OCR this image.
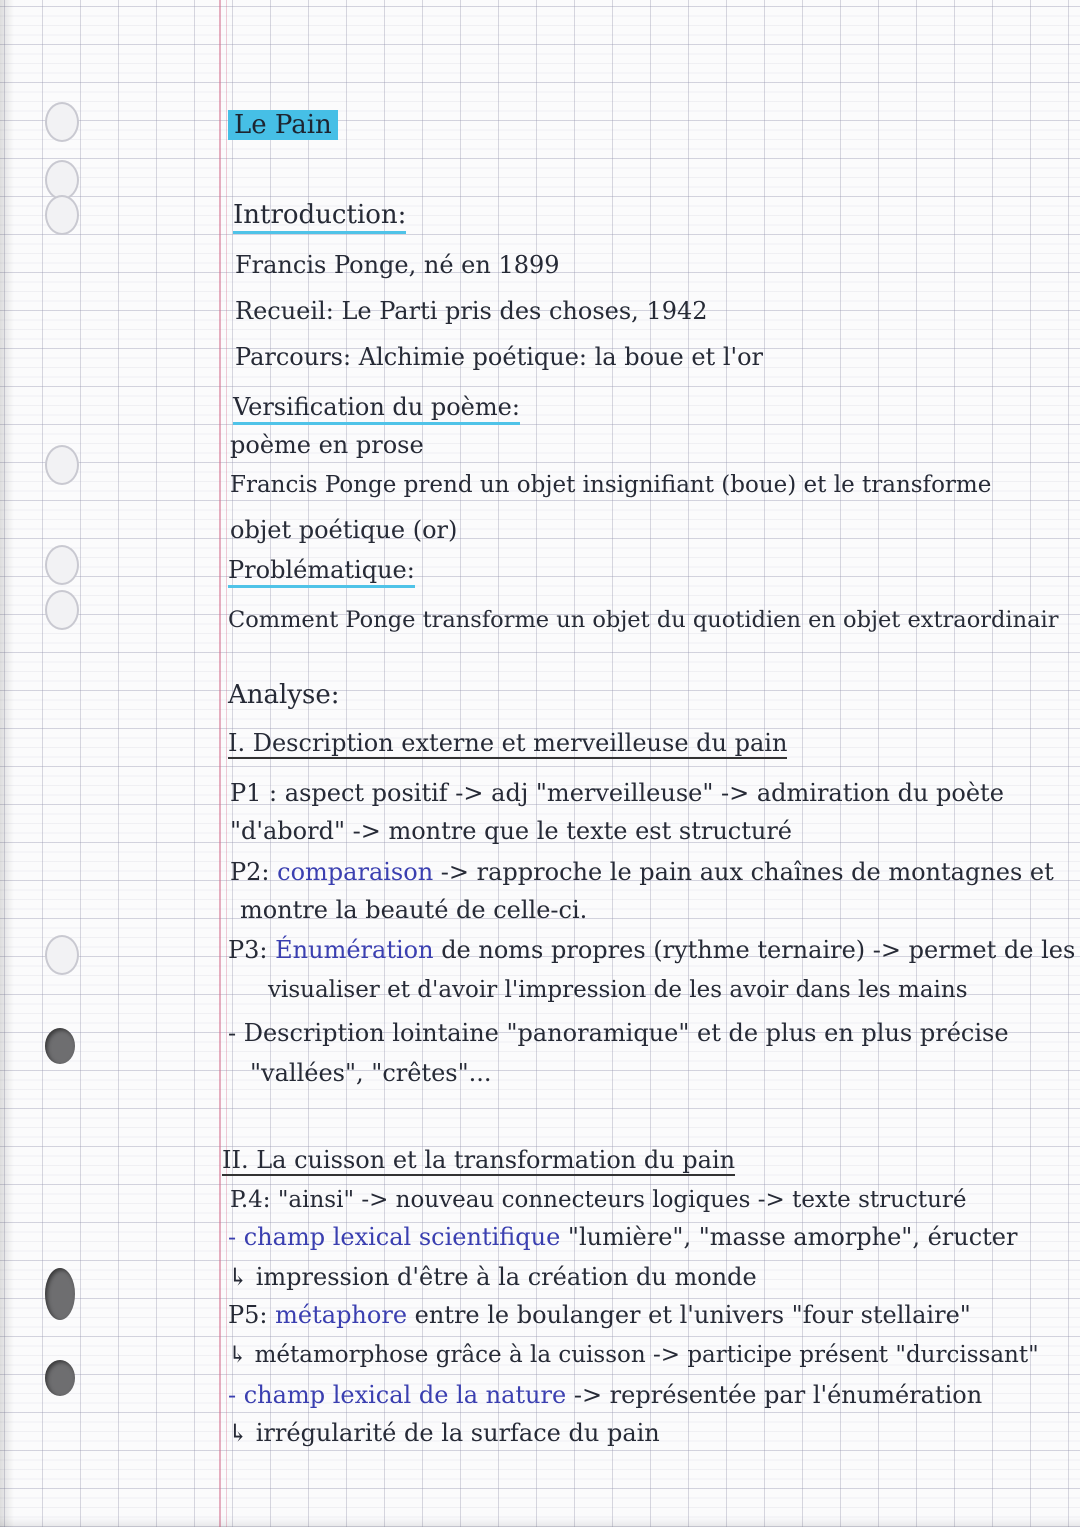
Le Pain
Introduction:
Francis Ponge, né en 1899
Recueil: Le Parti pris des choses, 1942
Parcours: Alchimie poétique: la boue et l'or
Versification du poème:
poème en prose
Francis Ponge prend un objet insignifiant (boue) et le transforme
objet poétique (or)
Problématique:
Comment Ponge transforme un objet du quotidien en objet extraordinair
Analyse:
I. Description externe et merveilleuse du pain
P1 : aspect positif -> adj "merveilleuse" -> admiration du poète
"d'abord" -> montre que le texte est structuré
P2: comparaison -> rapproche le pain aux chaînes de montagnes et
montre la beauté de celle-ci.
P3: Énumération de noms propres (rythme ternaire) -> permet de les
visualiser et d'avoir l'impression de les avoir dans les mains
- Description lointaine "panoramique" et de plus en plus précise
"vallées", "crêtes"...
II. La cuisson et la transformation du pain
P.4: "ainsi" -> nouveau connecteurs logiques -> texte structuré
- champ lexical scientifique "lumière", "masse amorphe", éructer
↳ impression d'être à la création du monde
P5: métaphore entre le boulanger et l'univers "four stellaire"
↳ métamorphose grâce à la cuisson -> participe présent "durcissant"
- champ lexical de la nature -> représentée par l'énumération
↳ irrégularité de la surface du pain
